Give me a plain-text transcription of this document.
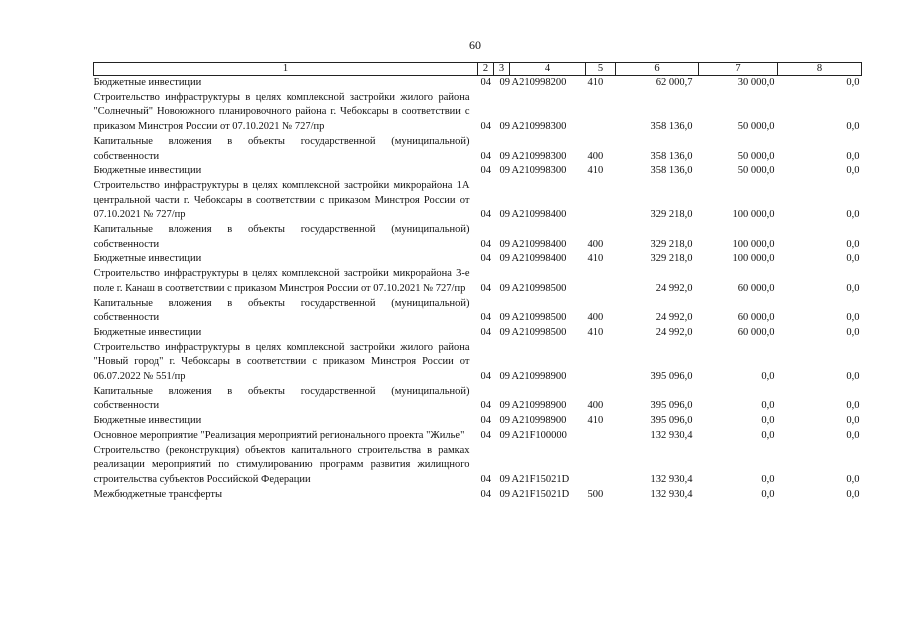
60
1	2	3	4	5	6	7	8
Бюджетные инвестиции	04	09	А210998200	410	62 000,7	30 000,0	0,0
Строительство инфраструктуры в целях комплексной застройки жилого района "Солнечный" Новоюжного планировочного района г. Чебоксары в соответствии с приказом Минстроя России от 07.10.2021 № 727/пр	04	09	А210998300		358 136,0	50 000,0	0,0
Капитальные вложения в объекты государственной (муниципальной) собственности	04	09	А210998300	400	358 136,0	50 000,0	0,0
Бюджетные инвестиции	04	09	А210998300	410	358 136,0	50 000,0	0,0
Строительство инфраструктуры в целях комплексной застройки микрорайона 1А центральной части г. Чебоксары в соответствии с приказом Минстроя России от 07.10.2021 № 727/пр	04	09	А210998400		329 218,0	100 000,0	0,0
Капитальные вложения в объекты государственной (муниципальной) собственности	04	09	А210998400	400	329 218,0	100 000,0	0,0
Бюджетные инвестиции	04	09	А210998400	410	329 218,0	100 000,0	0,0
Строительство инфраструктуры в целях комплексной застройки микрорайона 3-е поле г. Канаш в соответствии с приказом Минстроя России от 07.10.2021 № 727/пр	04	09	А210998500		24 992,0	60 000,0	0,0
Капитальные вложения в объекты государственной (муниципальной) собственности	04	09	А210998500	400	24 992,0	60 000,0	0,0
Бюджетные инвестиции	04	09	А210998500	410	24 992,0	60 000,0	0,0
Строительство инфраструктуры в целях комплексной застройки жилого района "Новый город" г. Чебоксары в соответствии с приказом Минстроя России от 06.07.2022 № 551/пр	04	09	А210998900		395 096,0	0,0	0,0
Капитальные вложения в объекты государственной (муниципальной) собственности	04	09	А210998900	400	395 096,0	0,0	0,0
Бюджетные инвестиции	04	09	А210998900	410	395 096,0	0,0	0,0
Основное мероприятие "Реализация мероприятий регионального проекта "Жилье"	04	09	А21F100000		132 930,4	0,0	0,0
Строительство (реконструкция) объектов капитального строительства в рамках реализации мероприятий по стимулированию программ развития жилищного строительства субъектов Российской Федерации	04	09	А21F15021D		132 930,4	0,0	0,0
Межбюджетные трансферты	04	09	А21F15021D	500	132 930,4	0,0	0,0
